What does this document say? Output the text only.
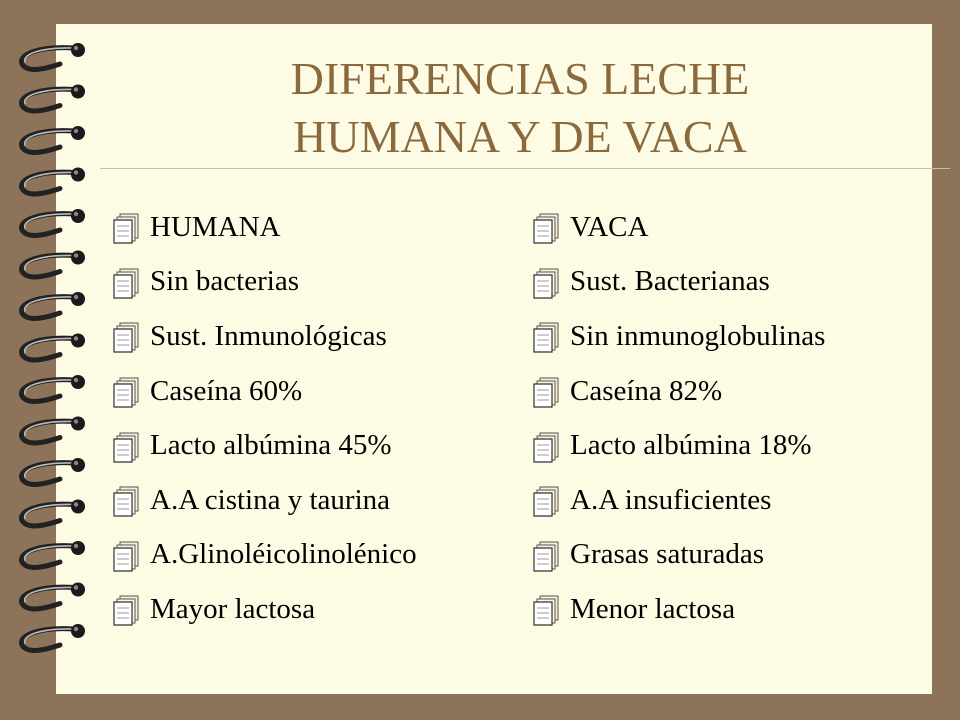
DIFERENCIAS LECHE
HUMANA Y DE VACA
HUMANA
Sin bacterias
Sust. Inmunológicas
Caseína 60%
Lacto albúmina 45%
A.A cistina y taurina
A.Glinoléicolinolénico
Mayor lactosa
VACA
Sust. Bacterianas
Sin inmunoglobulinas
Caseína 82%
Lacto albúmina 18%
A.A insuficientes
Grasas saturadas
Menor lactosa
